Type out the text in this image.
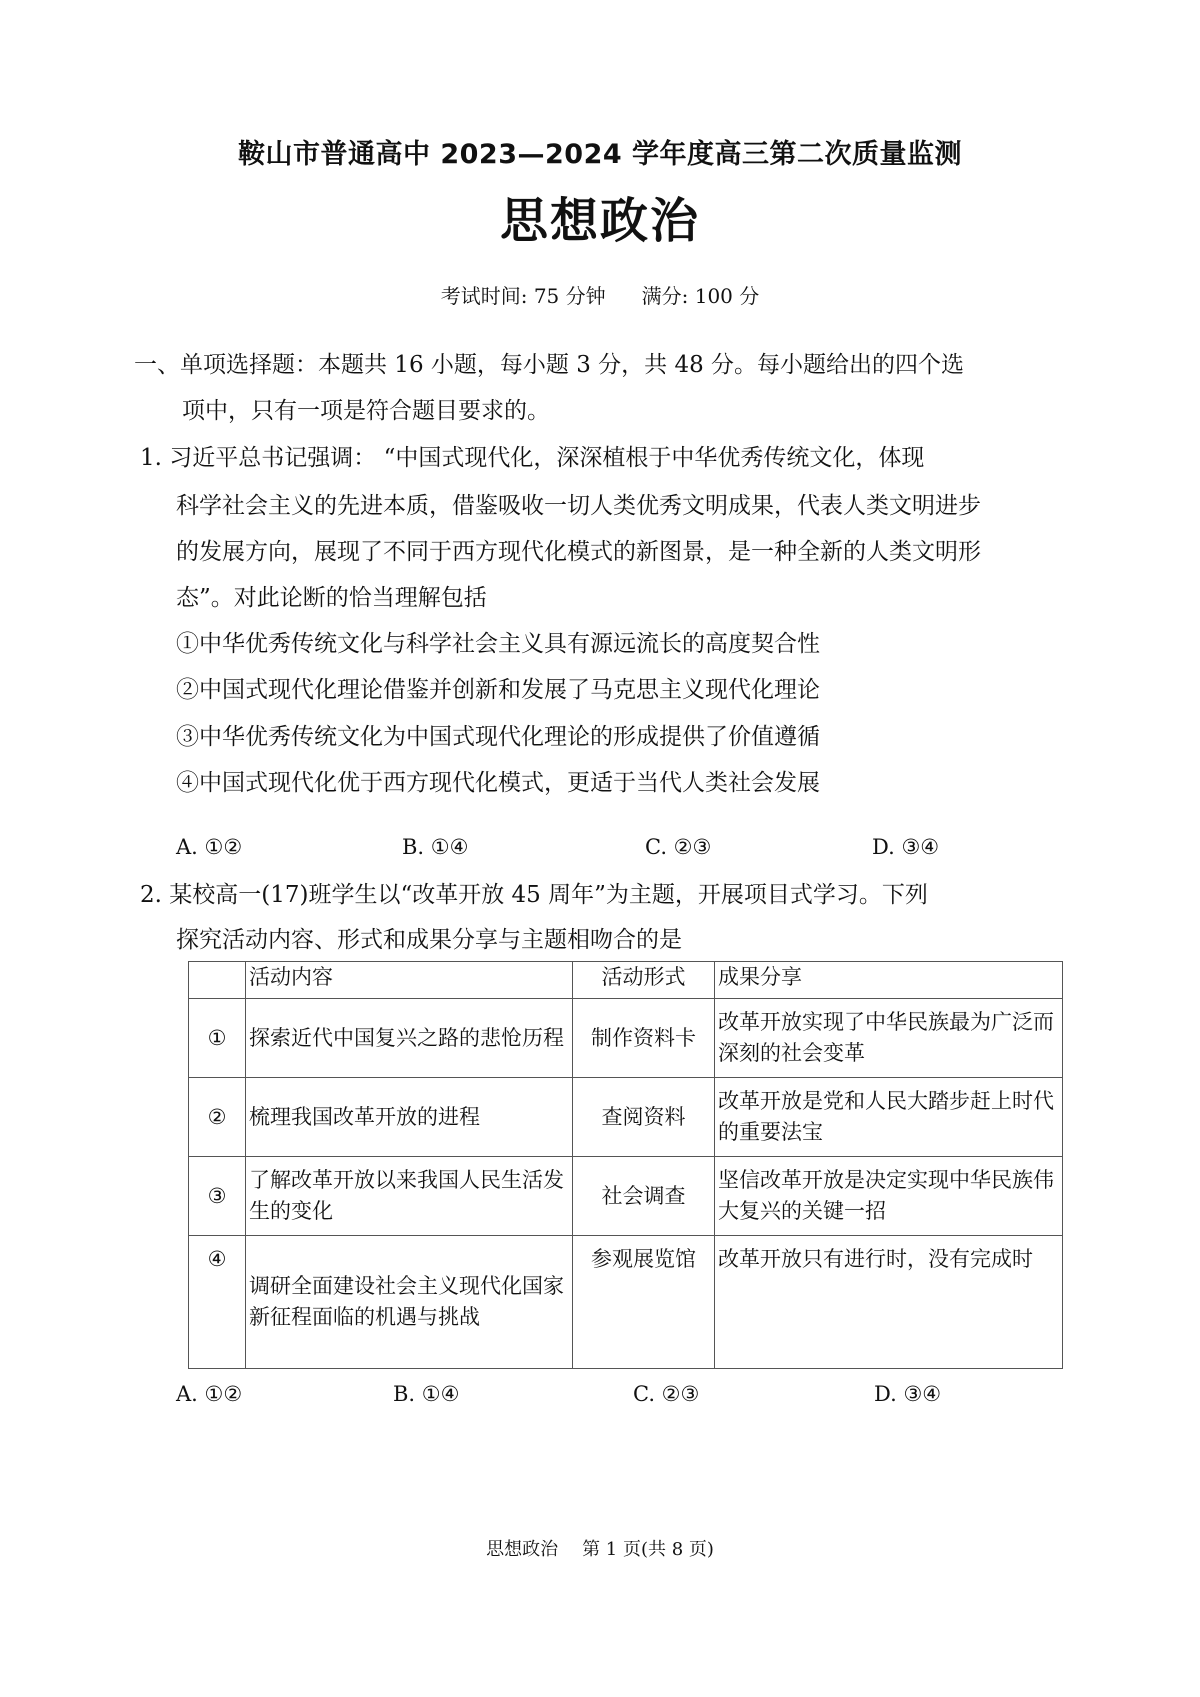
鞍山市普通高中 2023—2024 学年度高三第二次质量监测
思想政治
考试时间: 75 分钟 满分: 100 分
一、单项选择题：本题共 16 小题，每小题 3 分，共 48 分。每小题给出的四个选
项中，只有一项是符合题目要求的。
1. 习近平总书记强调： “中国式现代化，深深植根于中华优秀传统文化，体现
科学社会主义的先进本质，借鉴吸收一切人类优秀文明成果，代表人类文明进步
的发展方向，展现了不同于西方现代化模式的新图景，是一种全新的人类文明形
态”。对此论断的恰当理解包括
①中华优秀传统文化与科学社会主义具有源远流长的高度契合性
②中国式现代化理论借鉴并创新和发展了马克思主义现代化理论
③中华优秀传统文化为中国式现代化理论的形成提供了价值遵循
④中国式现代化优于西方现代化模式，更适于当代人类社会发展
A. ①②	B. ①④	C. ②③	D. ③④
2. 某校高一(17)班学生以“改革开放 45 周年”为主题，开展项目式学习。下列
探究活动内容、形式和成果分享与主题相吻合的是
	活动内容	活动形式	成果分享
①	探索近代中国复兴之路的悲怆历程	制作资料卡	改革开放实现了中华民族最为广泛而深刻的社会变革
②	梳理我国改革开放的进程	查阅资料	改革开放是党和人民大踏步赶上时代的重要法宝
③	了解改革开放以来我国人民生活发生的变化	社会调查	坚信改革开放是决定实现中华民族伟大复兴的关键一招
④	调研全面建设社会主义现代化国家新征程面临的机遇与挑战	参观展览馆	改革开放只有进行时，没有完成时
A. ①②	B. ①④	C. ②③	D. ③④
思想政治 第 1 页(共 8 页)
